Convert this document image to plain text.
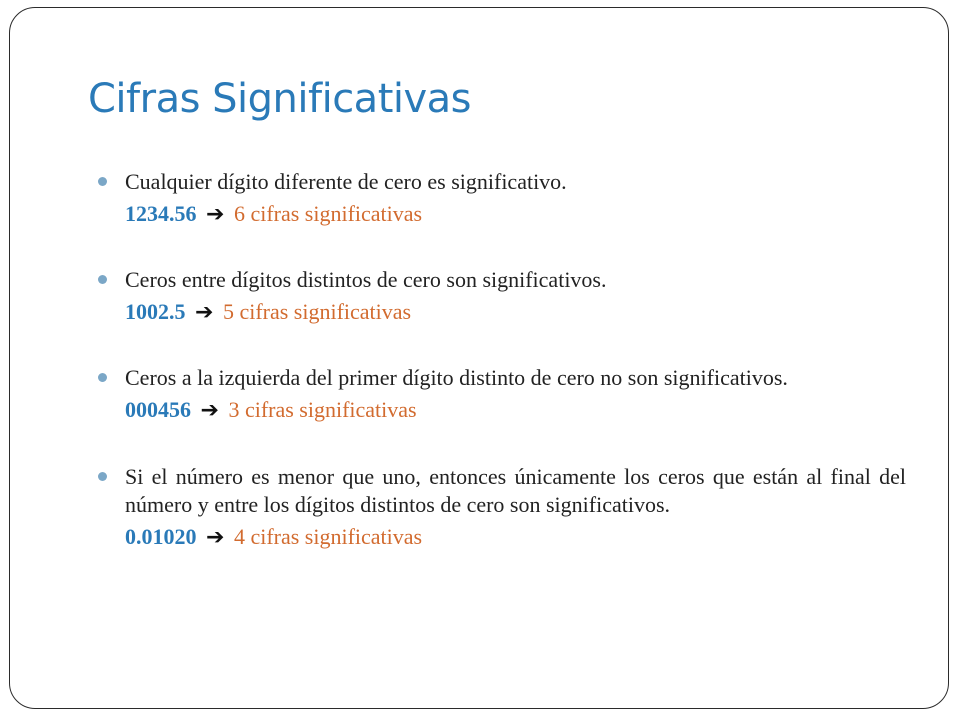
Cifras Significativas
Cualquier dígito diferente de cero es significativo.
1234.56 ➔ 6 cifras significativas
Ceros entre dígitos distintos de cero son significativos.
1002.5 ➔ 5 cifras significativas
Ceros a la izquierda del primer dígito distinto de cero no son significativos.
000456 ➔ 3 cifras significativas
Si el número es menor que uno, entonces únicamente los ceros que están al final del número y entre los dígitos distintos de cero son significativos.
0.01020 ➔ 4 cifras significativas
